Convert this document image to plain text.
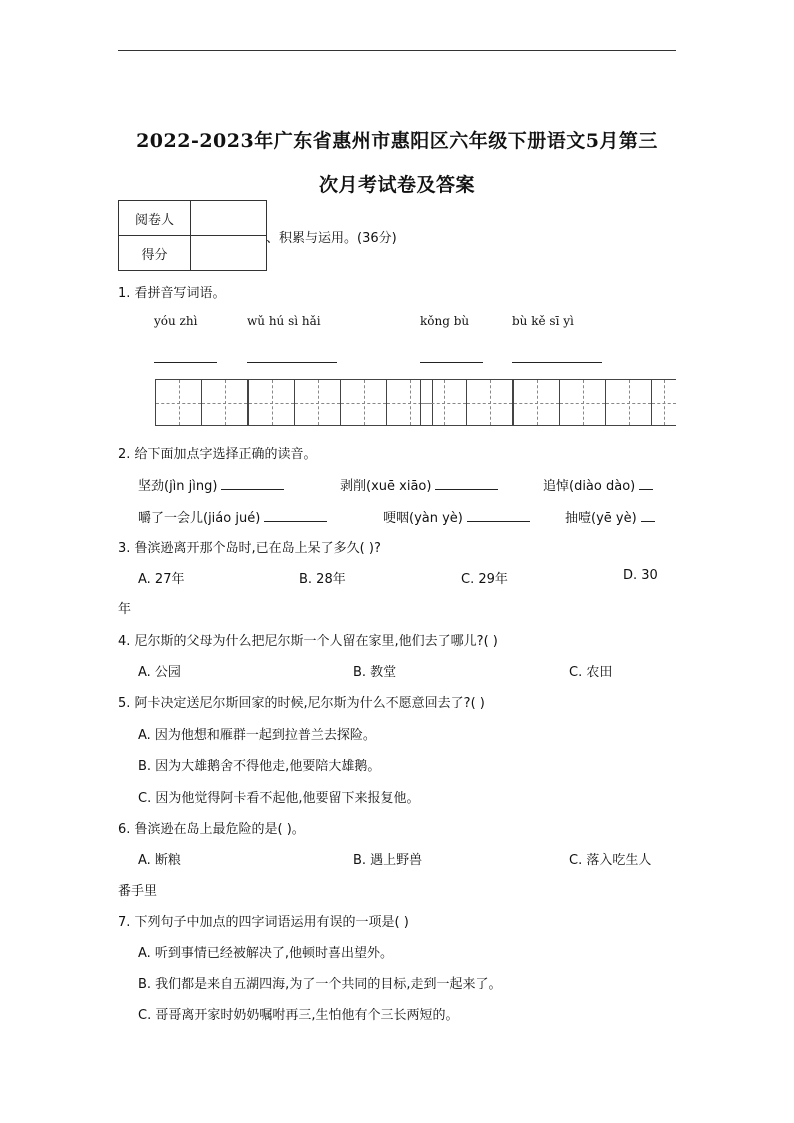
2022-2023年广东省惠州市惠阳区六年级下册语文5月第三
次月考试卷及答案
阅卷人	
得分	
、积累与运用。(36分)
1. 看拼音写词语。
yóu zhì	wǔ hú sì hǎi	kǒng bù	bù kě sī yì
2. 给下面加点字选择正确的读音。
坚劲(jìn jìng)	剥削(xuē xiāo)	追悼(diào dào)
嚼了一会儿(jiáo jué)	哽咽(yàn yè)	抽噎(yē yè)
3. 鲁滨逊离开那个岛时,已在岛上呆了多久( )?
A. 27年	B. 28年	C. 29年	D. 30
年
4. 尼尔斯的父母为什么把尼尔斯一个人留在家里,他们去了哪儿?( )
A. 公园	B. 教堂	C. 农田
5. 阿卡决定送尼尔斯回家的时候,尼尔斯为什么不愿意回去了?( )
A. 因为他想和雁群一起到拉普兰去探险。
B. 因为大雄鹅舍不得他走,他要陪大雄鹅。
C. 因为他觉得阿卡看不起他,他要留下来报复他。
6. 鲁滨逊在岛上最危险的是( )。
A. 断粮	B. 遇上野兽	C. 落入吃生人
番手里
7. 下列句子中加点的四字词语运用有误的一项是( )
A. 听到事情已经被解决了,他顿时喜出望外。
B. 我们都是来自五湖四海,为了一个共同的目标,走到一起来了。
C. 哥哥离开家时奶奶嘱咐再三,生怕他有个三长两短的。
